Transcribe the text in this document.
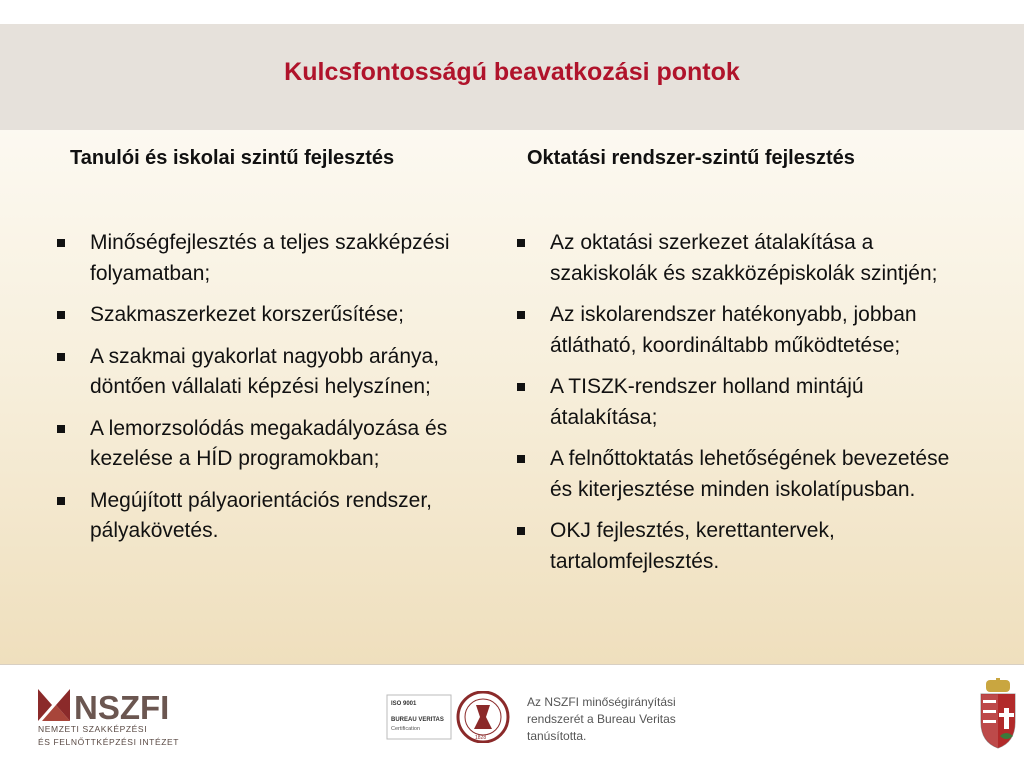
Kulcsfontosságú beavatkozási pontok
Tanulói és iskolai szintű fejlesztés	Oktatási rendszer-szintű fejlesztés
Minőségfejlesztés a teljes szakképzési folyamatban;
Szakmaszerkezet korszerűsítése;
A szakmai gyakorlat nagyobb aránya, döntően vállalati képzési helyszínen;
A lemorzsolódás megakadályozása és kezelése a HÍD programokban;
Megújított pályaorientációs rendszer, pályakövetés.
Az oktatási szerkezet átalakítása a szakiskolák és szakközépiskolák szintjén;
Az iskolarendszer hatékonyabb, jobban átlátható, koordináltabb működtetése;
A TISZK-rendszer holland mintájú átalakítása;
A felnőttoktatás lehetőségének bevezetése és kiterjesztése minden iskolatípusban.
OKJ fejlesztés, kerettantervek, tartalomfejlesztés.
NSZFI
NEMZETI SZAKKÉPZÉSI
ÉS FELNŐTTKÉPZÉSI INTÉZET
ISO 9001
BUREAU VERITAS
Certification
1828
Az NSZFI minőségirányítási rendszerét a Bureau Veritas tanúsította.
